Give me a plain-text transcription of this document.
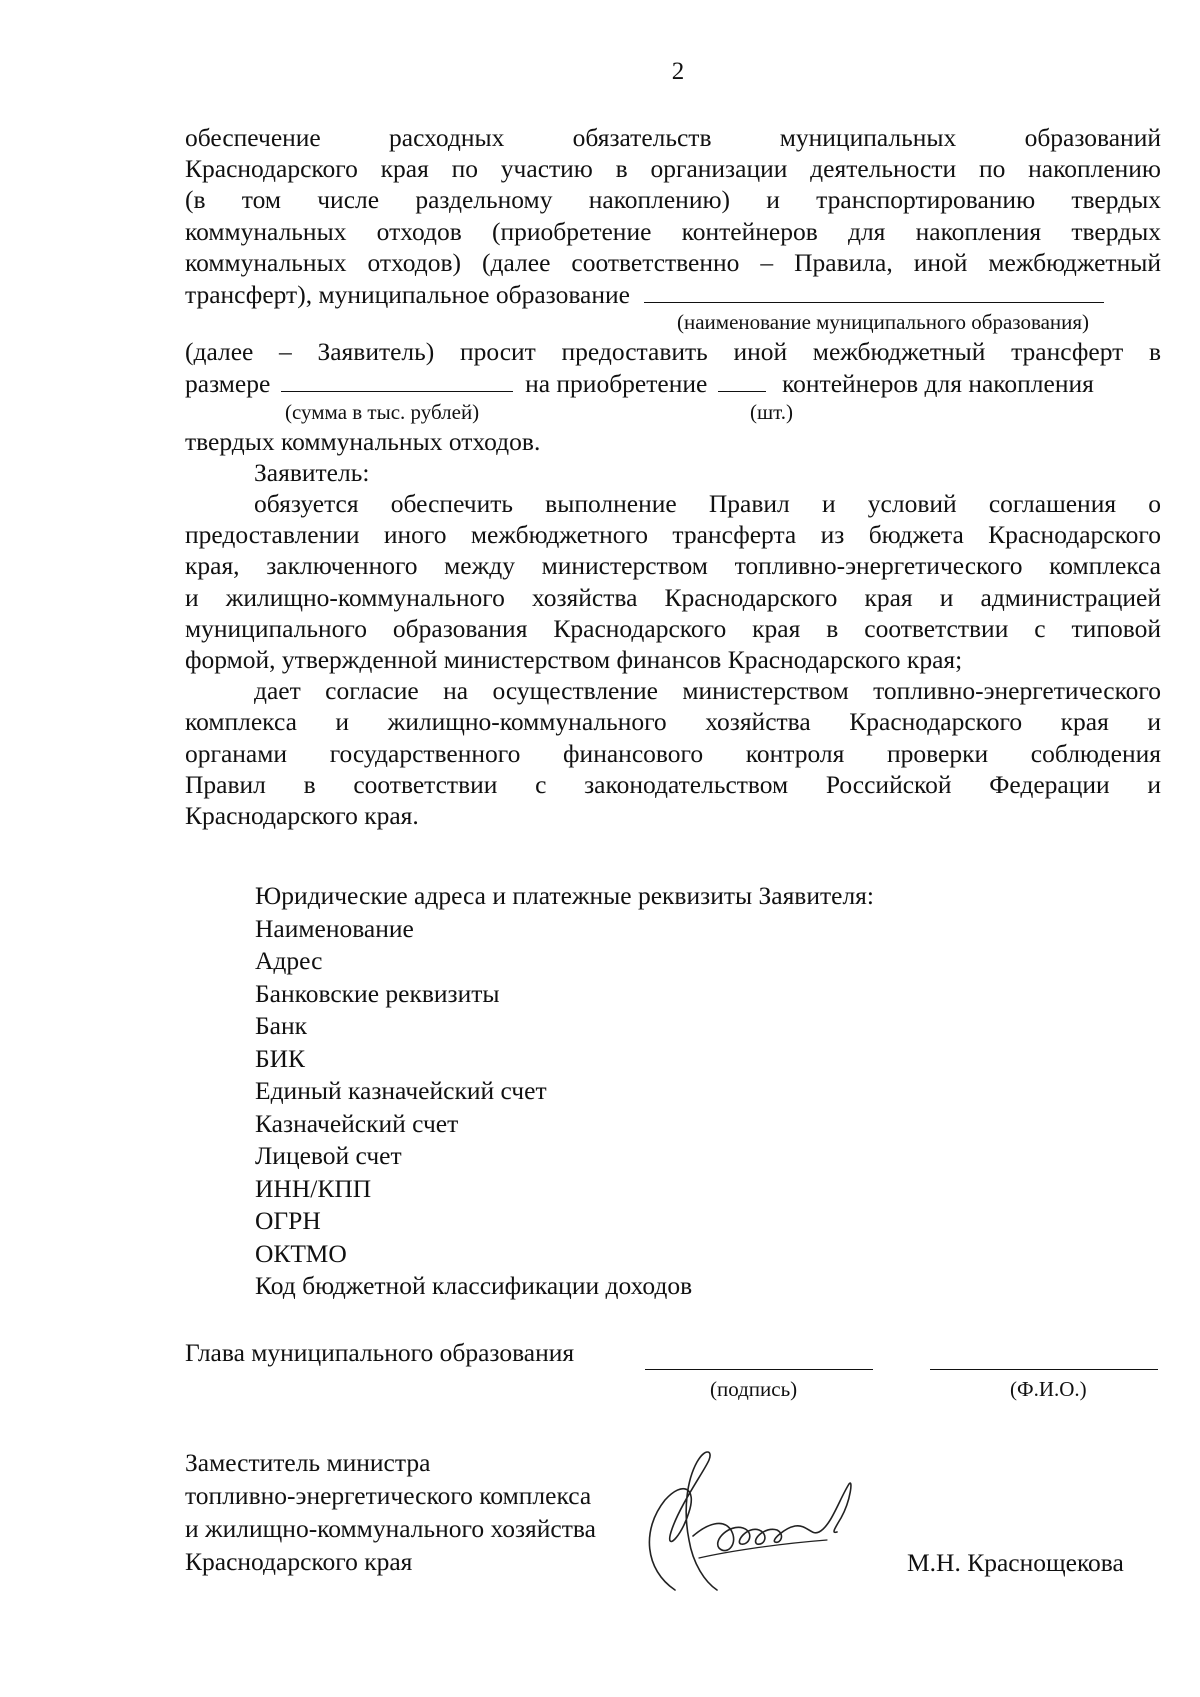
2
обеспечение расходных обязательств муниципальных образований
Краснодарского края по участию в организации деятельности по накоплению
(в том числе раздельному накоплению) и транспортированию твердых
коммунальных отходов (приобретение контейнеров для накопления твердых
коммунальных отходов) (далее соответственно – Правила, иной межбюджетный
трансферт), муниципальное образование
(наименование муниципального образования)
(далее – Заявитель) просит предоставить иной межбюджетный трансферт в
размере	на приобретение	контейнеров для накопления
(сумма в тыс. рублей)	(шт.)
твердых коммунальных отходов.
Заявитель:
обязуется обеспечить выполнение Правил и условий соглашения о
предоставлении иного межбюджетного трансферта из бюджета Краснодарского
края, заключенного между министерством топливно-энергетического комплекса
и жилищно-коммунального хозяйства Краснодарского края и администрацией
муниципального образования Краснодарского края в соответствии с типовой
формой, утвержденной министерством финансов Краснодарского края;
дает согласие на осуществление министерством топливно-энергетического
комплекса и жилищно-коммунального хозяйства Краснодарского края и
органами государственного финансового контроля проверки соблюдения
Правил в соответствии с законодательством Российской Федерации и
Краснодарского края.
Юридические адреса и платежные реквизиты Заявителя:
Наименование
Адрес
Банковские реквизиты
Банк
БИК
Единый казначейский счет
Казначейский счет
Лицевой счет
ИНН/КПП
ОГРН
ОКТМО
Код бюджетной классификации доходов
Глава муниципального образования
(подпись)	(Ф.И.О.)
Заместитель министра
топливно-энергетического комплекса
и жилищно-коммунального хозяйства
Краснодарского края	М.Н. Краснощекова
